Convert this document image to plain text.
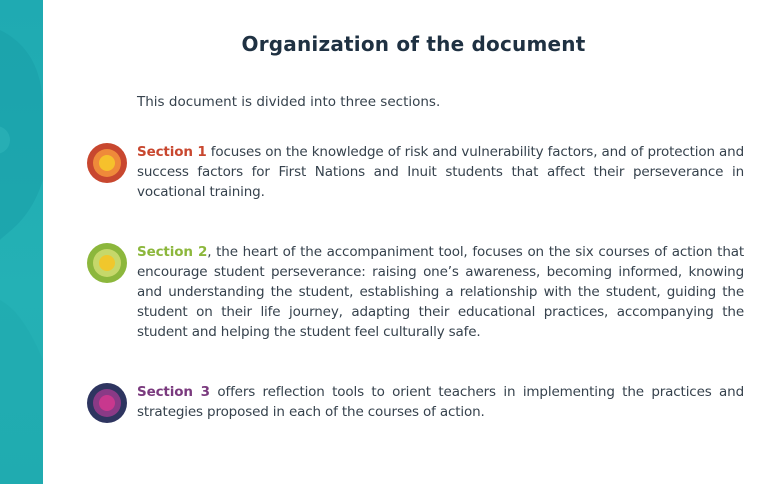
Organization of the document
This document is divided into three sections.
Section 1 focuses on the knowledge of risk and vulnerability factors, and of protection and success factors for First Nations and Inuit students that affect their perseverance in vocational training.
Section 2, the heart of the accompaniment tool, focuses on the six courses of action that encourage student perseverance: raising one’s awareness, becoming informed, knowing and understanding the student, establishing a relationship with the student, guiding the student on their life journey, adapting their educational practices, accompanying the student and helping the student feel culturally safe.
Section 3 offers reflection tools to orient teachers in implementing the practices and strategies proposed in each of the courses of action.
